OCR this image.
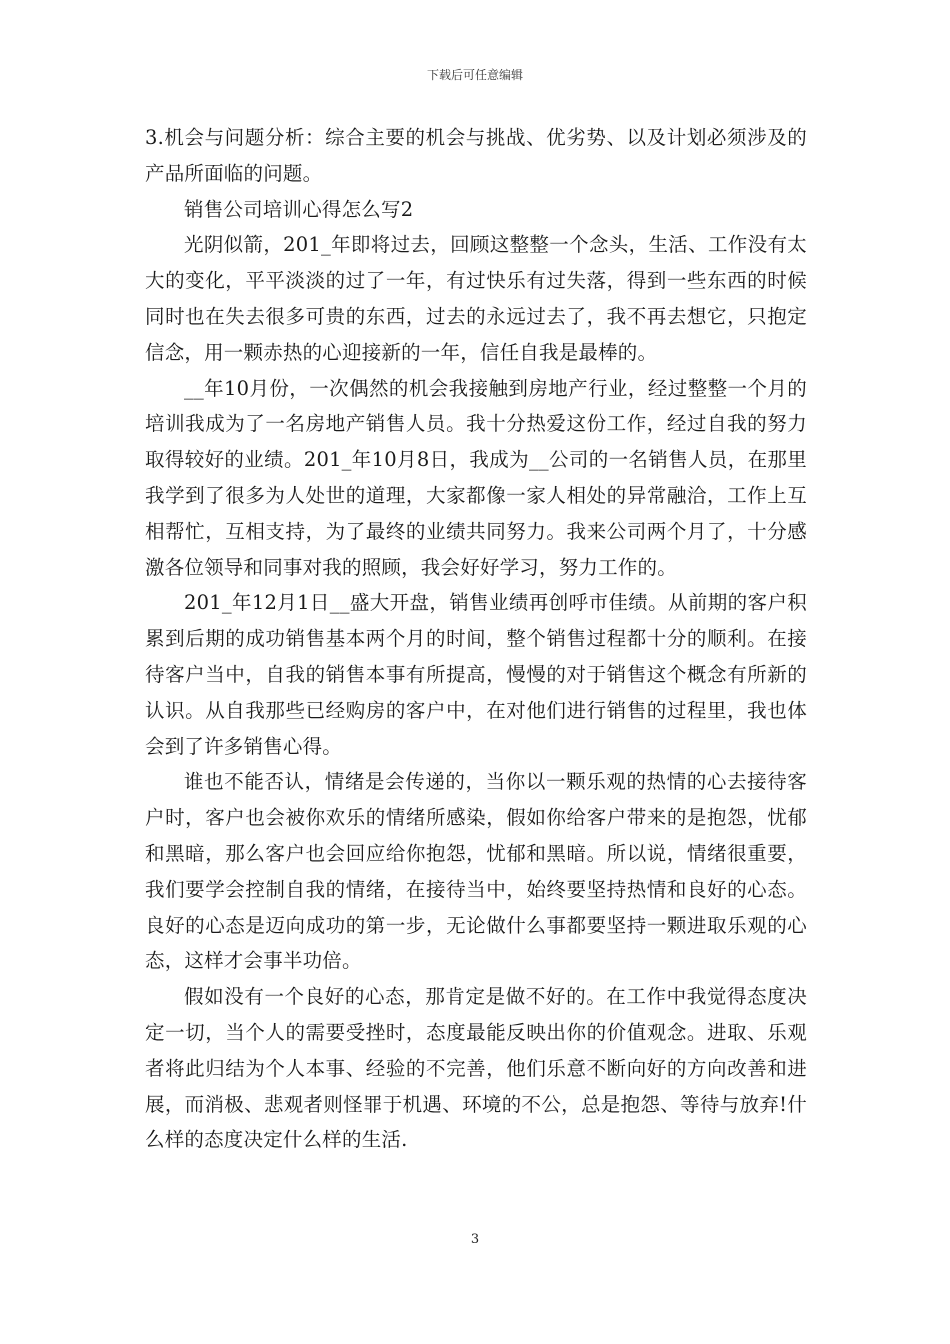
下载后可任意编辑

3.机会与问题分析：综合主要的机会与挑战、优劣势、以及计划必须涉及的产品所面临的问题。

销售公司培训心得怎么写2

光阴似箭，201_年即将过去，回顾这整整一个念头，生活、工作没有太大的变化，平平淡淡的过了一年，有过快乐有过失落，得到一些东西的时候同时也在失去很多可贵的东西，过去的永远过去了，我不再去想它，只抱定信念，用一颗赤热的心迎接新的一年，信任自我是最棒的。

__年10月份，一次偶然的机会我接触到房地产行业，经过整整一个月的培训我成为了一名房地产销售人员。我十分热爱这份工作，经过自我的努力取得较好的业绩。201_年10月8日，我成为__公司的一名销售人员，在那里我学到了很多为人处世的道理，大家都像一家人相处的异常融洽，工作上互相帮忙，互相支持，为了最终的业绩共同努力。我来公司两个月了，十分感激各位领导和同事对我的照顾，我会好好学习，努力工作的。

201_年12月1日__盛大开盘，销售业绩再创呼市佳绩。从前期的客户积累到后期的成功销售基本两个月的时间，整个销售过程都十分的顺利。在接待客户当中，自我的销售本事有所提高，慢慢的对于销售这个概念有所新的认识。从自我那些已经购房的客户中，在对他们进行销售的过程里，我也体会到了许多销售心得。

谁也不能否认，情绪是会传递的，当你以一颗乐观的热情的心去接待客户时，客户也会被你欢乐的情绪所感染，假如你给客户带来的是抱怨，忧郁和黑暗，那么客户也会回应给你抱怨，忧郁和黑暗。所以说，情绪很重要，我们要学会控制自我的情绪，在接待当中，始终要坚持热情和良好的心态。良好的心态是迈向成功的第一步，无论做什么事都要坚持一颗进取乐观的心态，这样才会事半功倍。

假如没有一个良好的心态，那肯定是做不好的。在工作中我觉得态度决定一切，当个人的需要受挫时，态度最能反映出你的价值观念。进取、乐观者将此归结为个人本事、经验的不完善，他们乐意不断向好的方向改善和进展，而消极、悲观者则怪罪于机遇、环境的不公，总是抱怨、等待与放弃!什么样的态度决定什么样的生活.

3
